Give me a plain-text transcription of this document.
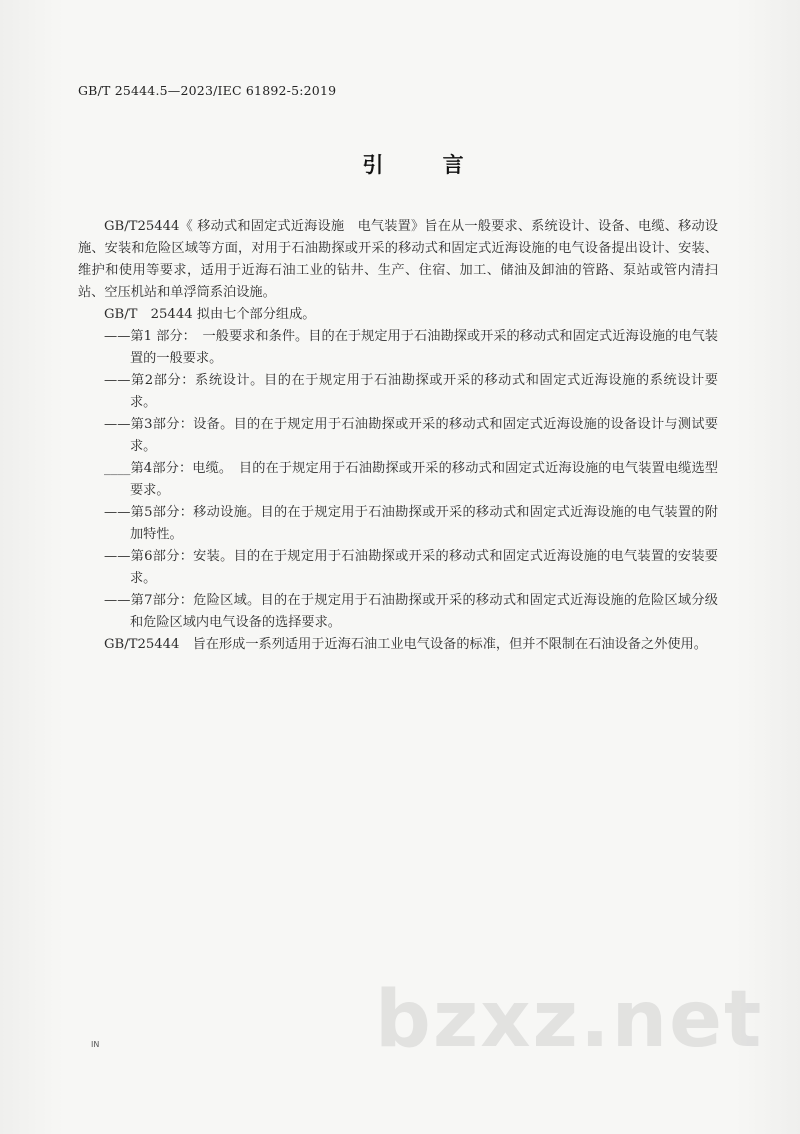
GB/T 25444.5—2023/IEC 61892-5:2019
引 言

GB/T25444《 移动式和固定式近海设施　电气装置》旨在从一般要求、系统设计、设备、电缆、移动设施、安装和危险区域等方面，对用于石油勘探或开采的移动式和固定式近海设施的电气设备提出设计、安装、维护和使用等要求，适用于近海石油工业的钻井、生产、住宿、加工、储油及卸油的管路、泵站或管内清扫站、空压机站和单浮筒系泊设施。

GB/T　25444 拟由七个部分组成。

——第1 部分：　一般要求和条件。目的在于规定用于石油勘探或开采的移动式和固定式近海设施的电气装置的一般要求。

——第2部分：系统设计。目的在于规定用于石油勘探或开采的移动式和固定式近海设施的系统设计要求。

——第3部分：设备。目的在于规定用于石油勘探或开采的移动式和固定式近海设施的设备设计与测试要求。

____第4部分：电缆。　目的在于规定用于石油勘探或开采的移动式和固定式近海设施的电气装置电缆选型要求。

——第5部分：移动设施。目的在于规定用于石油勘探或开采的移动式和固定式近海设施的电气装置的附加特性。

——第6部分：安装。目的在于规定用于石油勘探或开采的移动式和固定式近海设施的电气装置的安装要求。

——第7部分：危险区域。目的在于规定用于石油勘探或开采的移动式和固定式近海设施的危险区域分级和危险区域内电气设备的选择要求。

GB/T25444　旨在形成一系列适用于近海石油工业电气设备的标准，但并不限制在石油设备之外使用。

bzxz.net
IN
